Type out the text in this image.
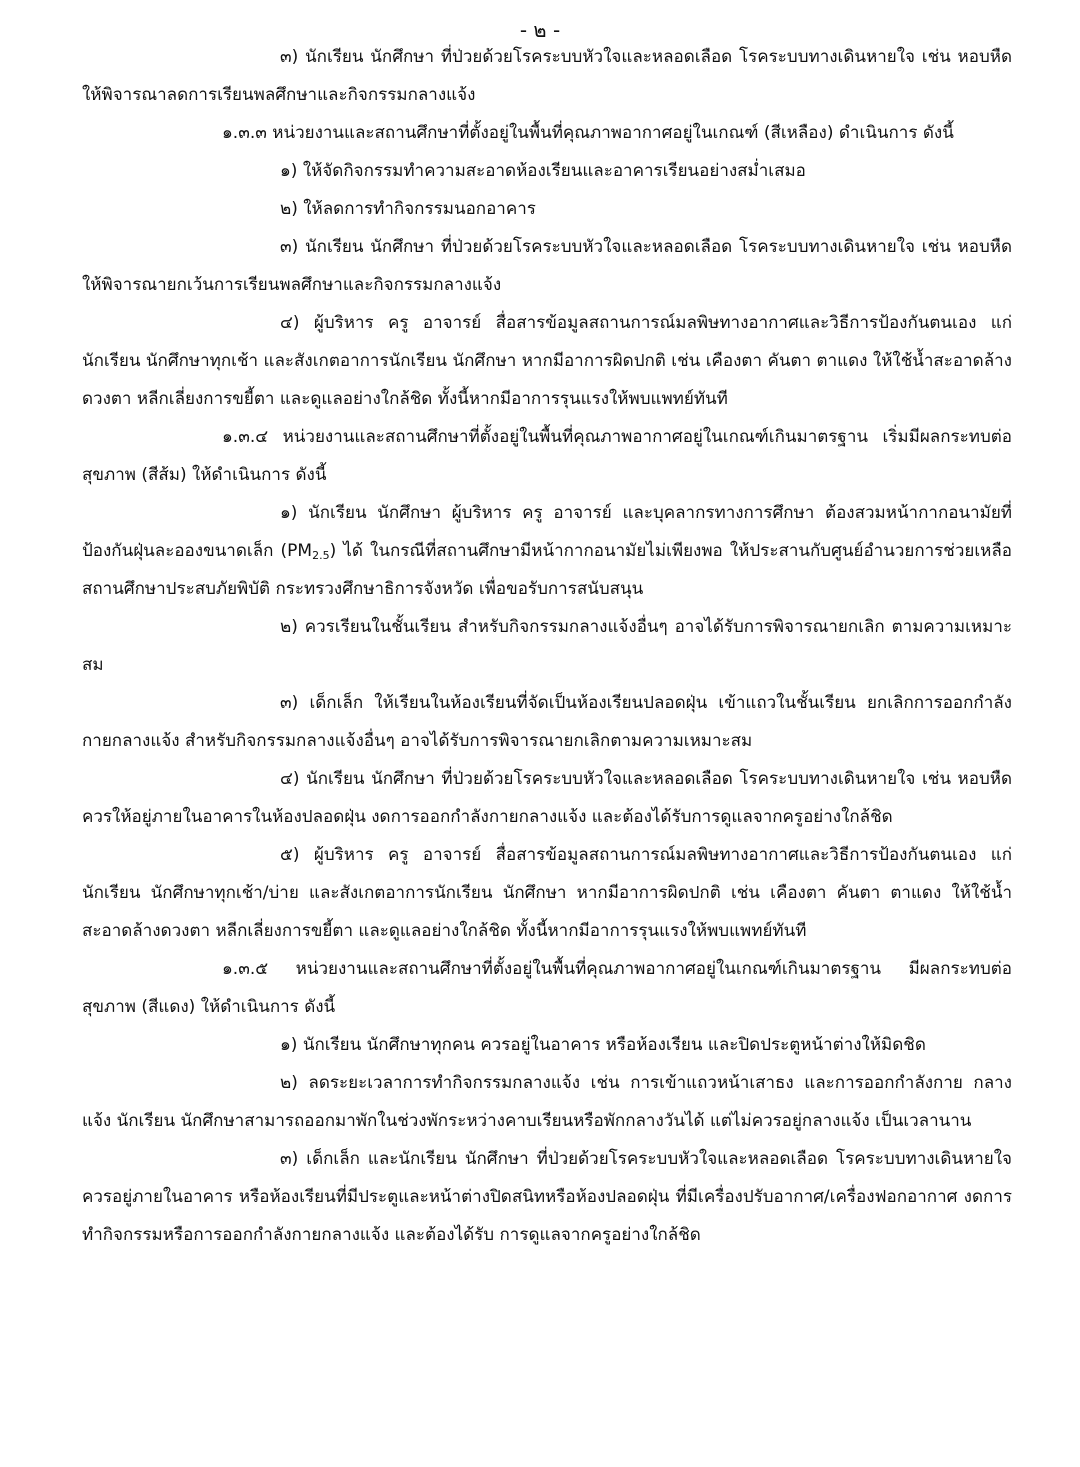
- ๒ -

๓) นักเรียน นักศึกษา ที่ป่วยด้วยโรคระบบหัวใจและหลอดเลือด โรคระบบทางเดินหายใจ เช่น หอบหืด ให้พิจารณาลดการเรียนพลศึกษาและกิจกรรมกลางแจ้ง

๑.๓.๓ หน่วยงานและสถานศึกษาที่ตั้งอยู่ในพื้นที่คุณภาพอากาศอยู่ในเกณฑ์ (สีเหลือง) ดำเนินการ ดังนี้

๑) ให้จัดกิจกรรมทำความสะอาดห้องเรียนและอาคารเรียนอย่างสม่ำเสมอ

๒) ให้ลดการทำกิจกรรมนอกอาคาร

๓) นักเรียน นักศึกษา ที่ป่วยด้วยโรคระบบหัวใจและหลอดเลือด โรคระบบทางเดินหายใจ เช่น หอบหืด ให้พิจารณายกเว้นการเรียนพลศึกษาและกิจกรรมกลางแจ้ง

๔) ผู้บริหาร ครู อาจารย์ สื่อสารข้อมูลสถานการณ์มลพิษทางอากาศและวิธีการป้องกันตนเอง แก่นักเรียน นักศึกษาทุกเช้า และสังเกตอาการนักเรียน นักศึกษา หากมีอาการผิดปกติ เช่น เคืองตา คันตา ตาแดง ให้ใช้น้ำสะอาดล้างดวงตา หลีกเลี่ยงการขยี้ตา และดูแลอย่างใกล้ชิด ทั้งนี้หากมีอาการรุนแรงให้พบแพทย์ทันที

๑.๓.๔ หน่วยงานและสถานศึกษาที่ตั้งอยู่ในพื้นที่คุณภาพอากาศอยู่ในเกณฑ์เกินมาตรฐาน เริ่มมีผลกระทบต่อสุขภาพ (สีส้ม) ให้ดำเนินการ ดังนี้

๑) นักเรียน นักศึกษา ผู้บริหาร ครู อาจารย์ และบุคลากรทางการศึกษา ต้องสวมหน้ากากอนามัยที่ป้องกันฝุ่นละอองขนาดเล็ก $(PM_{2.5})$ ได้ ในกรณีที่สถานศึกษามีหน้ากากอนามัยไม่เพียงพอ ให้ประสานกับศูนย์อำนวยการช่วยเหลือสถานศึกษาประสบภัยพิบัติ กระทรวงศึกษาธิการจังหวัด เพื่อขอรับการสนับสนุน

๒) ควรเรียนในชั้นเรียน สำหรับกิจกรรมกลางแจ้งอื่นๆ อาจได้รับการพิจารณายกเลิก ตามความเหมาะสม

๓) เด็กเล็ก ให้เรียนในห้องเรียนที่จัดเป็นห้องเรียนปลอดฝุ่น เข้าแถวในชั้นเรียน ยกเลิกการออกกำลังกายกลางแจ้ง สำหรับกิจกรรมกลางแจ้งอื่นๆ อาจได้รับการพิจารณายกเลิกตามความเหมาะสม

๔) นักเรียน นักศึกษา ที่ป่วยด้วยโรคระบบหัวใจและหลอดเลือด โรคระบบทางเดินหายใจ เช่น หอบหืด ควรให้อยู่ภายในอาคารในห้องปลอดฝุ่น งดการออกกำลังกายกลางแจ้ง และต้องได้รับการดูแลจากครูอย่างใกล้ชิด

๕) ผู้บริหาร ครู อาจารย์ สื่อสารข้อมูลสถานการณ์มลพิษทางอากาศและวิธีการป้องกันตนเอง แก่นักเรียน นักศึกษาทุกเช้า/บ่าย และสังเกตอาการนักเรียน นักศึกษา หากมีอาการผิดปกติ เช่น เคืองตา คันตา ตาแดง ให้ใช้น้ำสะอาดล้างดวงตา หลีกเลี่ยงการขยี้ตา และดูแลอย่างใกล้ชิด ทั้งนี้หากมีอาการรุนแรงให้พบแพทย์ทันที

๑.๓.๕ หน่วยงานและสถานศึกษาที่ตั้งอยู่ในพื้นที่คุณภาพอากาศอยู่ในเกณฑ์เกินมาตรฐาน มีผลกระทบต่อสุขภาพ (สีแดง) ให้ดำเนินการ ดังนี้

๑) นักเรียน นักศึกษาทุกคน ควรอยู่ในอาคาร หรือห้องเรียน และปิดประตูหน้าต่างให้มิดชิด

๒) ลดระยะเวลาการทำกิจกรรมกลางแจ้ง เช่น การเข้าแถวหน้าเสาธง และการออกกำลังกาย กลางแจ้ง นักเรียน นักศึกษาสามารถออกมาพักในช่วงพักระหว่างคาบเรียนหรือพักกลางวันได้ แต่ไม่ควรอยู่กลางแจ้ง เป็นเวลานาน

๓) เด็กเล็ก และนักเรียน นักศึกษา ที่ป่วยด้วยโรคระบบหัวใจและหลอดเลือด โรคระบบทางเดินหายใจ ควรอยู่ภายในอาคาร หรือห้องเรียนที่มีประตูและหน้าต่างปิดสนิทหรือห้องปลอดฝุ่น ที่มีเครื่องปรับอากาศ/เครื่องฟอกอากาศ งดการทำกิจกรรมหรือการออกกำลังกายกลางแจ้ง และต้องได้รับ การดูแลจากครูอย่างใกล้ชิด
